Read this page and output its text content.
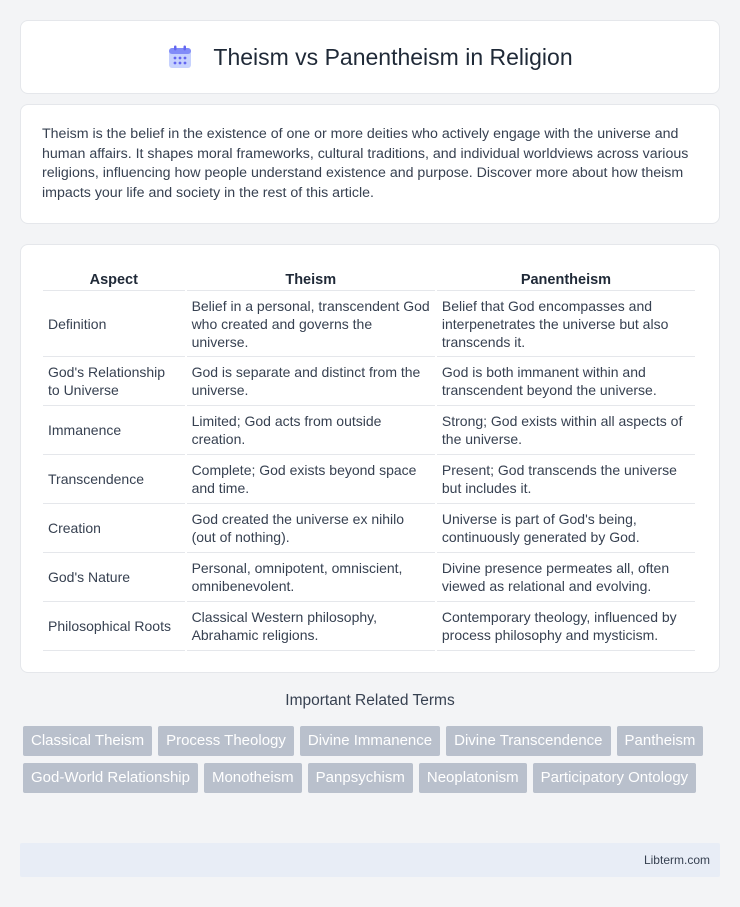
Theism vs Panentheism in Religion

Theism is the belief in the existence of one or more deities who actively engage with the universe and human affairs. It shapes moral frameworks, cultural traditions, and individual worldviews across various religions, influencing how people understand existence and purpose. Discover more about how theism impacts your life and society in the rest of this article.

Aspect	Theism	Panentheism
Definition	Belief in a personal, transcendent God who created and governs the universe.	Belief that God encompasses and interpenetrates the universe but also transcends it.
God's Relationship to Universe	God is separate and distinct from the universe.	God is both immanent within and transcendent beyond the universe.
Immanence	Limited; God acts from outside creation.	Strong; God exists within all aspects of the universe.
Transcendence	Complete; God exists beyond space and time.	Present; God transcends the universe but includes it.
Creation	God created the universe ex nihilo (out of nothing).	Universe is part of God's being, continuously generated by God.
God's Nature	Personal, omnipotent, omniscient, omnibenevolent.	Divine presence permeates all, often viewed as relational and evolving.
Philosophical Roots	Classical Western philosophy, Abrahamic religions.	Contemporary theology, influenced by process philosophy and mysticism.
Important Related Terms
Classical Theism	Process Theology	Divine Immanence	Divine Transcendence	Pantheism
God-World Relationship	Monotheism	Panpsychism	Neoplatonism	Participatory Ontology
Libterm.com
